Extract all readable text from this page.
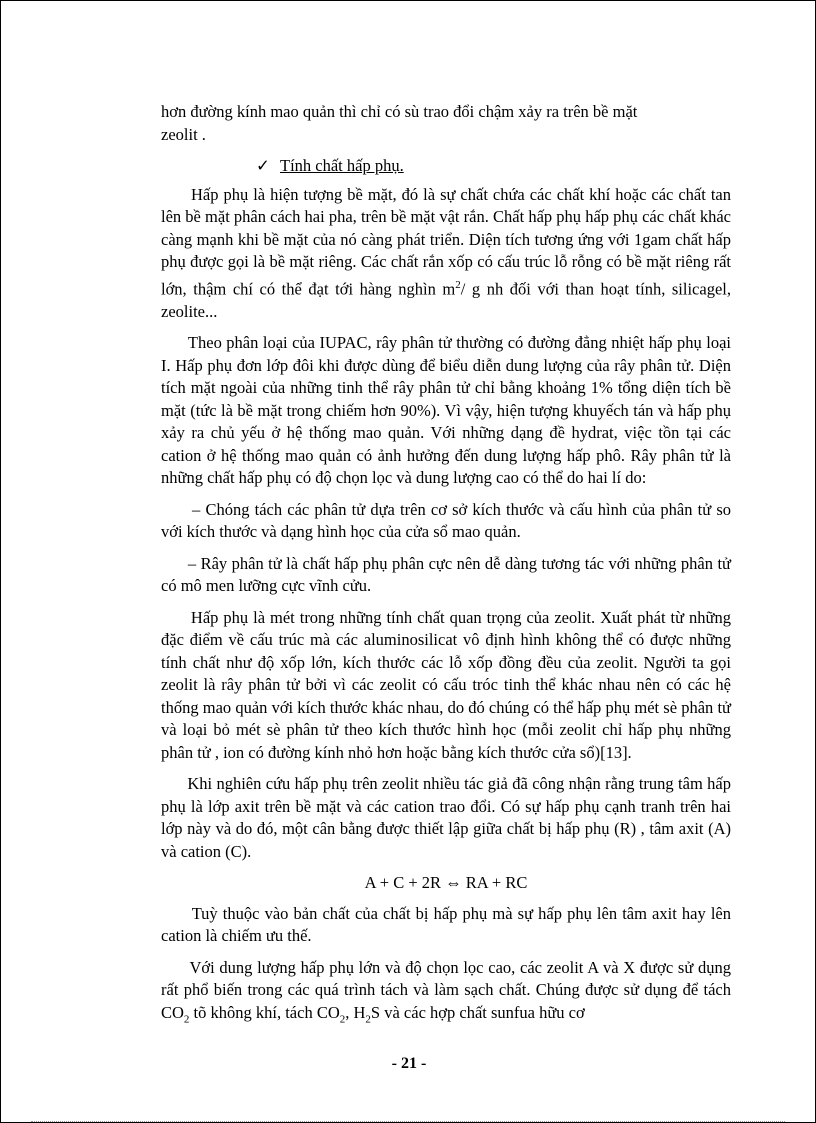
hơn đường kính mao quản thì chỉ có sù trao đổi chậm xảy ra trên bề mặt
zeolit .

✓ Tính chất hấp phụ.

Hấp phụ là hiện tượng bề mặt, đó là sự chất chứa các chất khí hoặc các chất tan lên bề mặt phân cách hai pha, trên bề mặt vật rắn. Chất hấp phụ hấp phụ các chất khác càng mạnh khi bề mặt của nó càng phát triển. Diện tích tương ứng với 1gam chất hấp phụ được gọi là bề mặt riêng. Các chất rắn xốp có cấu trúc lỗ rỗng có bề mặt riêng rất lớn, thậm chí có thể đạt tới hàng nghìn $m^2/$ g nh đối với than hoạt tính, silicagel, zeolite...

Theo phân loại của IUPAC, rây phân tử thường có đường đẳng nhiệt hấp phụ loại I. Hấp phụ đơn lớp đôi khi được dùng để biểu diễn dung lượng của rây phân tử. Diện tích mặt ngoài của những tinh thể rây phân tử chỉ bằng khoảng 1% tổng diện tích bề mặt (tức là bề mặt trong chiếm hơn 90%). Vì vậy, hiện tượng khuyếch tán và hấp phụ xảy ra chủ yếu ở hệ thống mao quản. Với những dạng đề hydrat, việc tồn tại các cation ở hệ thống mao quản có ảnh hưởng đến dung lượng hấp phô. Rây phân tử là những chất hấp phụ có độ chọn lọc và dung lượng cao có thể do hai lí do:

– Chóng tách các phân tử dựa trên cơ sở kích thước và cấu hình của phân tử so với kích thước và dạng hình học của cửa sổ mao quản.

– Rây phân tử là chất hấp phụ phân cực nên dễ dàng tương tác với những phân tử có mô men lưỡng cực vĩnh cửu.

Hấp phụ là mét trong những tính chất quan trọng của zeolit. Xuất phát từ những đặc điểm về cấu trúc mà các aluminosilicat vô định hình không thể có được những tính chất như độ xốp lớn, kích thước các lỗ xốp đồng đều của zeolit. Người ta gọi zeolit là rây phân tử bởi vì các zeolit có cấu tróc tinh thể khác nhau nên có các hệ thống mao quản với kích thước khác nhau, do đó chúng có thể hấp phụ mét sè phân tử và loại bỏ mét sè phân tử theo kích thước hình học (mỗi zeolit chỉ hấp phụ những phân tử , ion có đường kính nhỏ hơn hoặc bằng kích thước cửa sổ)[13].

Khi nghiên cứu hấp phụ trên zeolit nhiều tác giả đã công nhận rằng trung tâm hấp phụ là lớp axit trên bề mặt và các cation trao đổi. Có sự hấp phụ cạnh tranh trên hai lớp này và do đó, một cân bằng được thiết lập giữa chất bị hấp phụ (R) , tâm axit (A) và cation (C).

A + C + 2R ⇔ RA + RC

Tuỳ thuộc vào bản chất của chất bị hấp phụ mà sự hấp phụ lên tâm axit hay lên cation là chiếm ưu thế.

Với dung lượng hấp phụ lớn và độ chọn lọc cao, các zeolit A và X được sử dụng rất phổ biến trong các quá trình tách và làm sạch chất. Chúng được sử dụng để tách $CO_2$ tõ không khí, tách $CO_2$, $H_2S$ và các hợp chất sunfua hữu cơ

- 21 -
